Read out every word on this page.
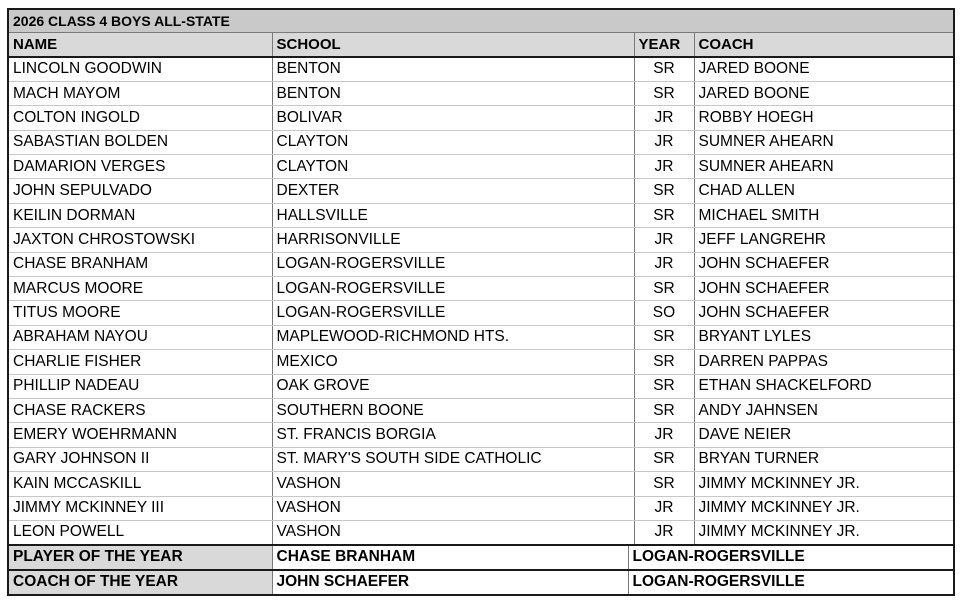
2026 CLASS 4 BOYS ALL-STATE			
NAME	SCHOOL	YEAR	COACH
LINCOLN GOODWIN	BENTON	SR	JARED BOONE
MACH MAYOM	BENTON	SR	JARED BOONE
COLTON INGOLD	BOLIVAR	JR	ROBBY HOEGH
SABASTIAN BOLDEN	CLAYTON	JR	SUMNER AHEARN
DAMARION VERGES	CLAYTON	JR	SUMNER AHEARN
JOHN SEPULVADO	DEXTER	SR	CHAD ALLEN
KEILIN DORMAN	HALLSVILLE	SR	MICHAEL SMITH
JAXTON CHROSTOWSKI	HARRISONVILLE	JR	JEFF LANGREHR
CHASE BRANHAM	LOGAN-ROGERSVILLE	JR	JOHN SCHAEFER
MARCUS MOORE	LOGAN-ROGERSVILLE	SR	JOHN SCHAEFER
TITUS MOORE	LOGAN-ROGERSVILLE	SO	JOHN SCHAEFER
ABRAHAM NAYOU	MAPLEWOOD-RICHMOND HTS.	SR	BRYANT LYLES
CHARLIE FISHER	MEXICO	SR	DARREN PAPPAS
PHILLIP NADEAU	OAK GROVE	SR	ETHAN SHACKELFORD
CHASE RACKERS	SOUTHERN BOONE	SR	ANDY JAHNSEN
EMERY WOEHRMANN	ST. FRANCIS BORGIA	JR	DAVE NEIER
GARY JOHNSON II	ST. MARY'S SOUTH SIDE CATHOLIC	SR	BRYAN TURNER
KAIN MCCASKILL	VASHON	SR	JIMMY MCKINNEY JR.
JIMMY MCKINNEY III	VASHON	JR	JIMMY MCKINNEY JR.
LEON POWELL	VASHON	JR	JIMMY MCKINNEY JR.
PLAYER OF THE YEAR	CHASE BRANHAM	LOGAN-ROGERSVILLE
COACH OF THE YEAR	JOHN SCHAEFER	LOGAN-ROGERSVILLE
